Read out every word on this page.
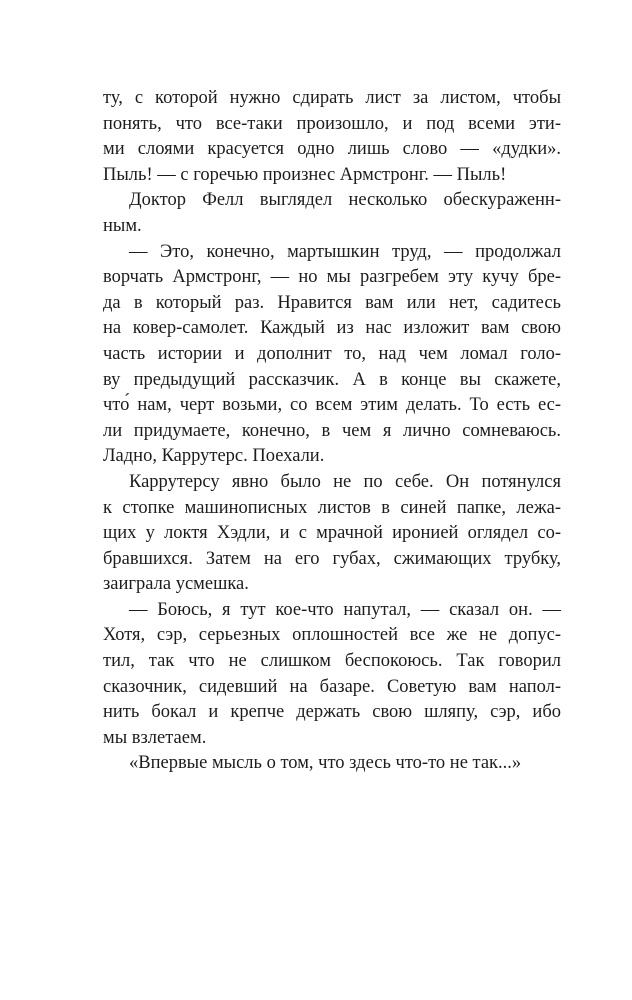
ту, с которой нужно сдирать лист за листом, чтобы
понять, что все-таки произошло, и под всеми эти-
ми слоями красуется одно лишь слово — «дудки».
Пыль! — с горечью произнес Армстронг. — Пыль!
Доктор Фелл выглядел несколько обескураженн-
ным.
— Это, конечно, мартышкин труд, — продолжал
ворчать Армстронг, — но мы разгребем эту кучу бре-
да в который раз. Нравится вам или нет, садитесь
на ковер-самолет. Каждый из нас изложит вам свою
часть истории и дополнит то, над чем ломал голо-
ву предыдущий рассказчик. А в конце вы скажете,
что́ нам, черт возьми, со всем этим делать. То есть ес-
ли придумаете, конечно, в чем я лично сомневаюсь.
Ладно, Каррутерс. Поехали.
Каррутерсу явно было не по себе. Он потянулся
к стопке машинописных листов в синей папке, лежа-
щих у локтя Хэдли, и с мрачной иронией оглядел со-
бравшихся. Затем на его губах, сжимающих трубку,
заиграла усмешка.
— Боюсь, я тут кое-что напутал, — сказал он. —
Хотя, сэр, серьезных оплошностей все же не допус-
тил, так что не слишком беспокоюсь. Так говорил
сказочник, сидевший на базаре. Советую вам напол-
нить бокал и крепче держать свою шляпу, сэр, ибо
мы взлетаем.
«Впервые мысль о том, что здесь что-то не так...»
